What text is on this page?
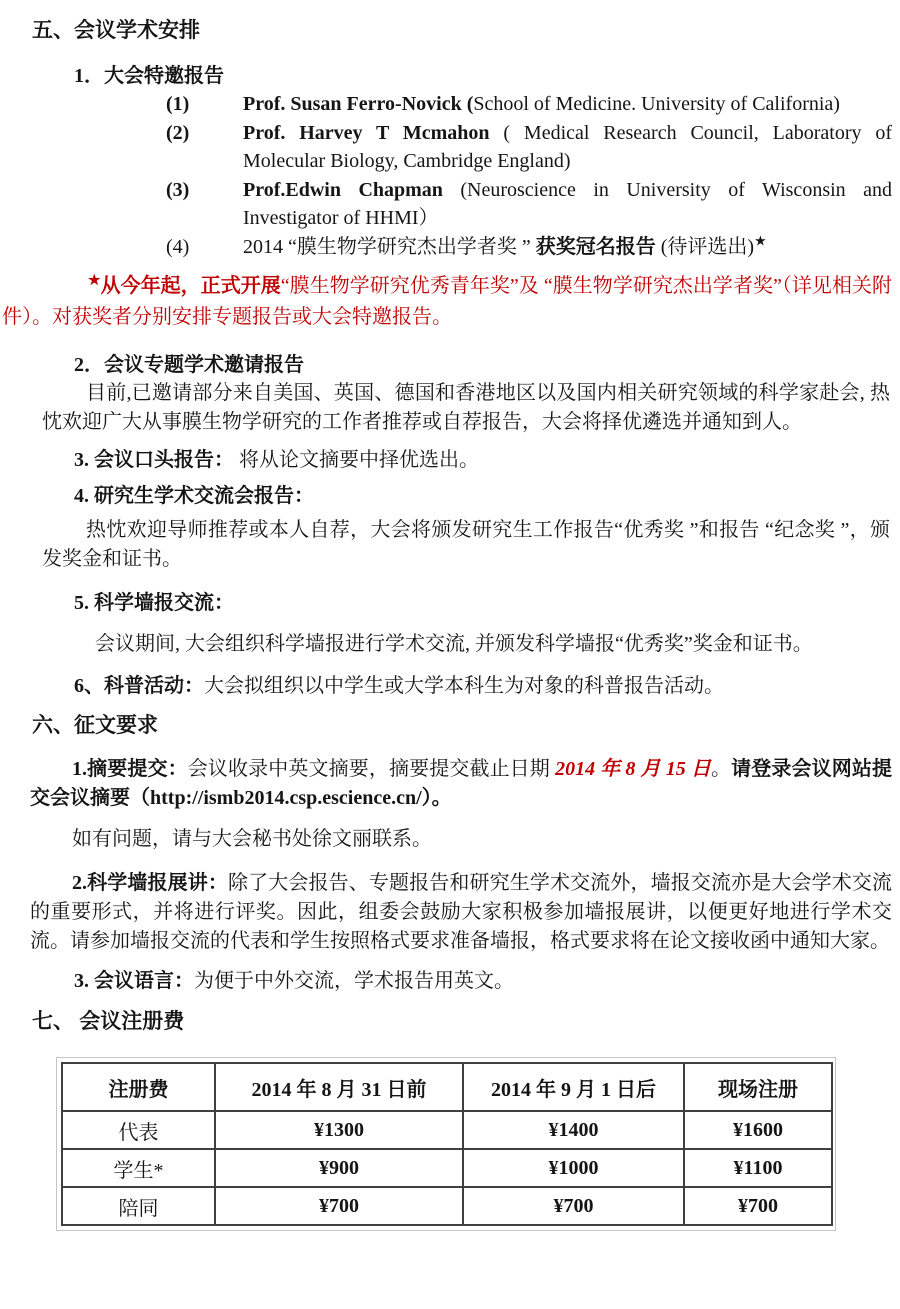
五、会议学术安排
1．大会特邀报告
(1)	Prof. Susan Ferro-Novick (School of Medicine. University of California)
(2)	Prof. Harvey T Mcmahon ( Medical Research Council, Laboratory of Molecular Biology, Cambridge England)
(3)	Prof.Edwin Chapman (Neuroscience in University of Wisconsin and Investigator of HHMI）
(4)	2014 “膜生物学研究杰出学者奖 ” 获奖冠名报告 (待评选出)★

★从今年起，正式开展“膜生物学研究优秀青年奖”及 “膜生物学研究杰出学者奖”（详见相关附件）。对获奖者分别安排专题报告或大会特邀报告。

2．会议专题学术邀请报告

目前,已邀请部分来自美国、英国、德国和香港地区以及国内相关研究领域的科学家赴会, 热忱欢迎广大从事膜生物学研究的工作者推荐或自荐报告，大会将择优遴选并通知到人。

3. 会议口头报告： 将从论文摘要中择优选出。
4. 研究生学术交流会报告：

热忱欢迎导师推荐或本人自荐，大会将颁发研究生工作报告“优秀奖 ”和报告 “纪念奖 ”，颁发奖金和证书。

5. 科学墙报交流：

会议期间, 大会组织科学墙报进行学术交流, 并颁发科学墙报“优秀奖”奖金和证书。

6、科普活动：大会拟组织以中学生或大学本科生为对象的科普报告活动。
六、征文要求

1.摘要提交：会议收录中英文摘要，摘要提交截止日期 2014 年 8 月 15 日。请登录会议网站提交会议摘要（http://ismb2014.csp.escience.cn/）。

如有问题，请与大会秘书处徐文丽联系。

2.科学墙报展讲：除了大会报告、专题报告和研究生学术交流外，墙报交流亦是大会学术交流的重要形式，并将进行评奖。因此，组委会鼓励大家积极参加墙报展讲，以便更好地进行学术交流。请参加墙报交流的代表和学生按照格式要求准备墙报，格式要求将在论文接收函中通知大家。

3. 会议语言：为便于中外交流，学术报告用英文。
七、 会议注册费
注册费	2014 年 8 月 31 日前	2014 年 9 月 1 日后	现场注册
代表	¥1300	¥1400	¥1600
学生*	¥900	¥1000	¥1100
陪同	¥700	¥700	¥700
